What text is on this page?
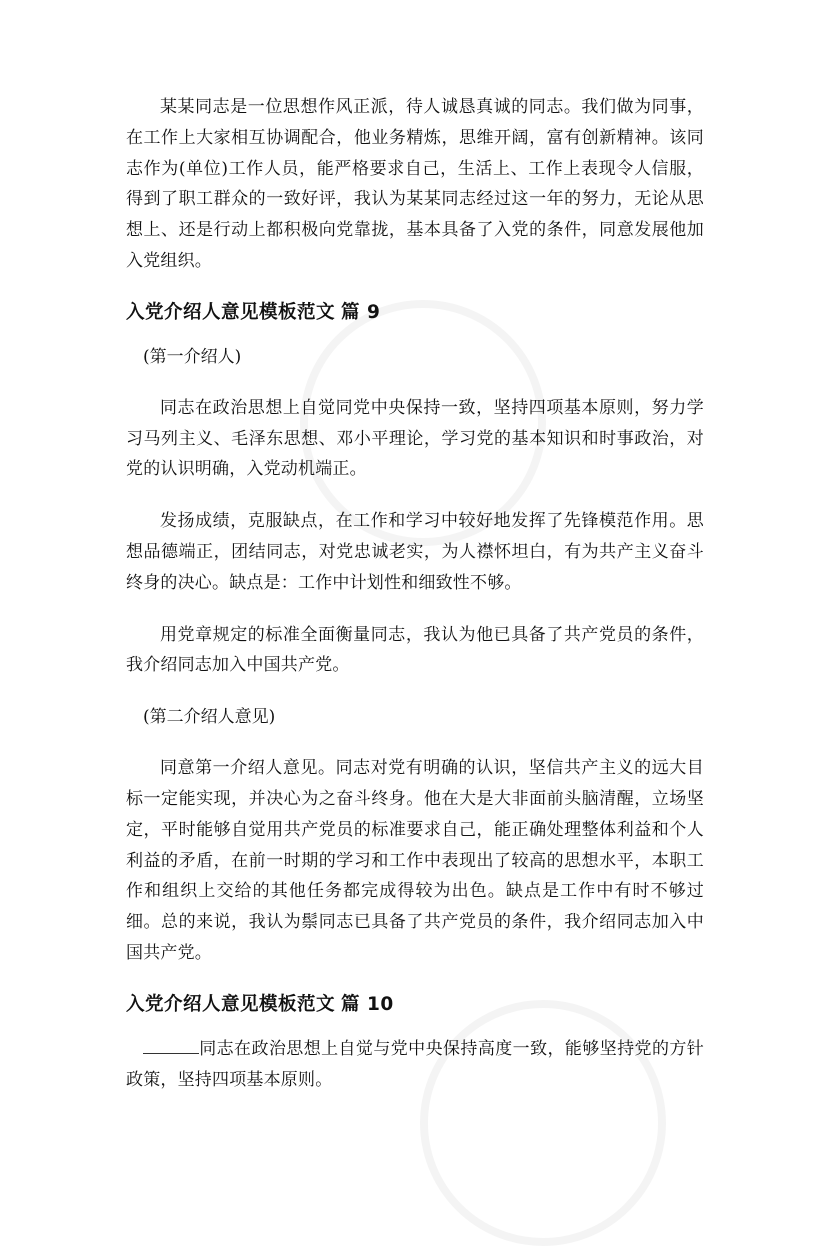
某某同志是一位思想作风正派，待人诚恳真诚的同志。我们做为同事，在工作上大家相互协调配合，他业务精炼，思维开阔，富有创新精神。该同志作为(单位)工作人员，能严格要求自己，生活上、工作上表现令人信服，得到了职工群众的一致好评，我认为某某同志经过这一年的努力，无论从思想上、还是行动上都积极向党靠拢，基本具备了入党的条件，同意发展他加入党组织。

入党介绍人意见模板范文 篇 9

(第一介绍人)

同志在政治思想上自觉同党中央保持一致，坚持四项基本原则，努力学习马列主义、毛泽东思想、邓小平理论，学习党的基本知识和时事政治，对党的认识明确，入党动机端正。

发扬成绩，克服缺点，在工作和学习中较好地发挥了先锋模范作用。思想品德端正，团结同志，对党忠诚老实，为人襟怀坦白，有为共产主义奋斗终身的决心。缺点是：工作中计划性和细致性不够。

用党章规定的标准全面衡量同志，我认为他已具备了共产党员的条件，我介绍同志加入中国共产党。

(第二介绍人意见)

同意第一介绍人意见。同志对党有明确的认识，坚信共产主义的远大目标一定能实现，并决心为之奋斗终身。他在大是大非面前头脑清醒，立场坚定，平时能够自觉用共产党员的标准要求自己，能正确处理整体利益和个人利益的矛盾，在前一时期的学习和工作中表现出了较高的思想水平，本职工作和组织上交给的其他任务都完成得较为出色。缺点是工作中有时不够过细。总的来说，我认为鬃同志已具备了共产党员的条件，我介绍同志加入中国共产党。

入党介绍人意见模板范文 篇 10

同志在政治思想上自觉与党中央保持高度一致，能够坚持党的方针政策，坚持四项基本原则。
